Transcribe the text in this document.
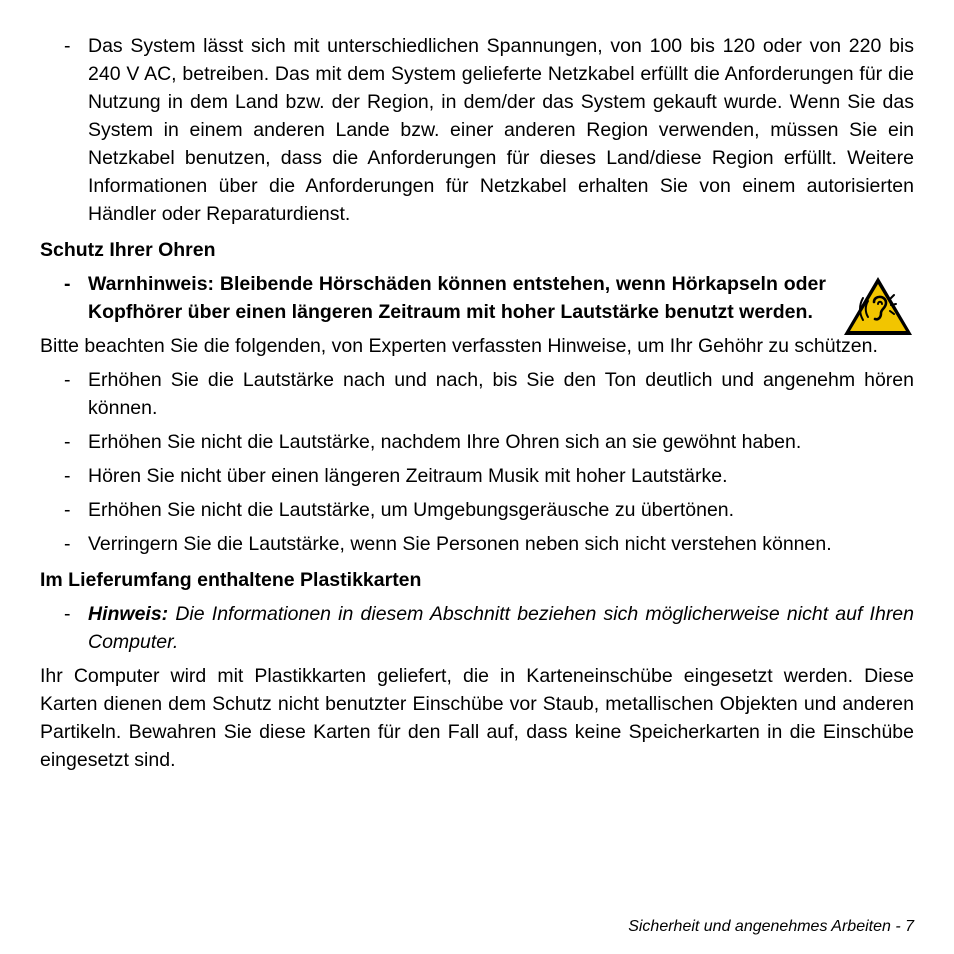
- Das System lässt sich mit unterschiedlichen Spannungen, von 100 bis 120 oder von 220 bis 240 V AC, betreiben. Das mit dem System gelieferte Netzkabel erfüllt die Anforderungen für die Nutzung in dem Land bzw. der Region, in dem/der das System gekauft wurde. Wenn Sie das System in einem anderen Lande bzw. einer anderen Region verwenden, müssen Sie ein Netzkabel benutzen, dass die Anforderungen für dieses Land/diese Region erfüllt. Weitere Informationen über die Anforderungen für Netzkabel erhalten Sie von einem autorisierten Händler oder Reparaturdienst.

Schutz Ihrer Ohren

- Warnhinweis: Bleibende Hörschäden können entstehen, wenn Hörkapseln oder Kopfhörer über einen längeren Zeitraum mit hoher Lautstärke benutzt werden.

Bitte beachten Sie die folgenden, von Experten verfassten Hinweise, um Ihr Gehöhr zu schützen.

- Erhöhen Sie die Lautstärke nach und nach, bis Sie den Ton deutlich und angenehm hören können.

- Erhöhen Sie nicht die Lautstärke, nachdem Ihre Ohren sich an sie gewöhnt haben.

- Hören Sie nicht über einen längeren Zeitraum Musik mit hoher Lautstärke.

- Erhöhen Sie nicht die Lautstärke, um Umgebungsgeräusche zu übertönen.

- Verringern Sie die Lautstärke, wenn Sie Personen neben sich nicht verstehen können.

Im Lieferumfang enthaltene Plastikkarten

- Hinweis: Die Informationen in diesem Abschnitt beziehen sich möglicherweise nicht auf Ihren Computer.

Ihr Computer wird mit Plastikkarten geliefert, die in Karteneinschübe eingesetzt werden. Diese Karten dienen dem Schutz nicht benutzter Einschübe vor Staub, metallischen Objekten und anderen Partikeln. Bewahren Sie diese Karten für den Fall auf, dass keine Speicherkarten in die Einschübe eingesetzt sind.

Sicherheit und angenehmes Arbeiten - 7
